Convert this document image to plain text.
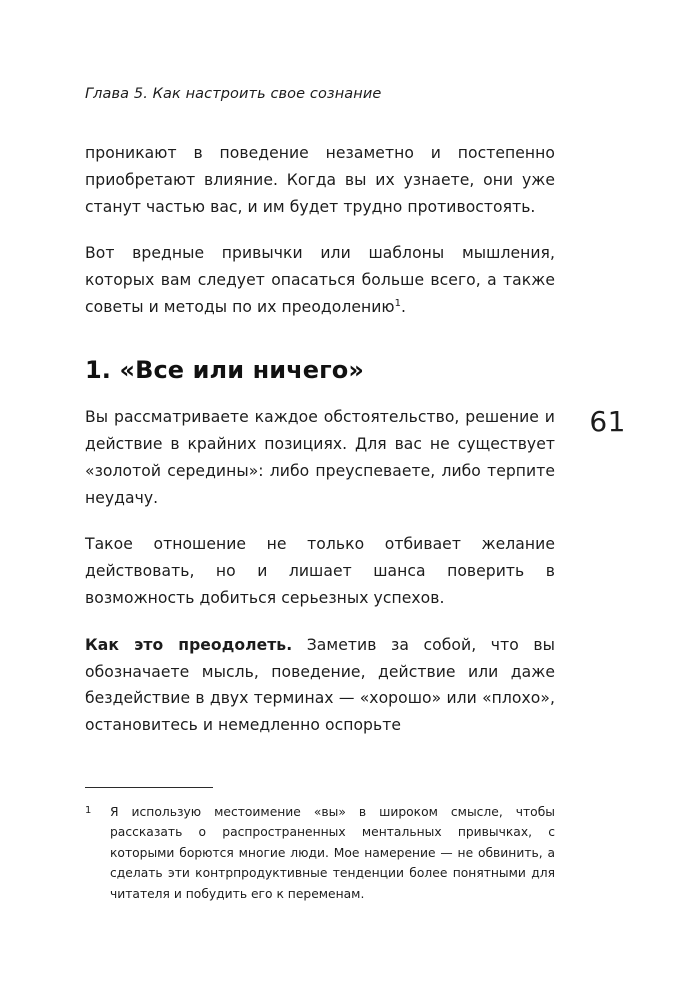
Глава 5. Как настроить свое сознание
61

проникают в поведение незаметно и постепенно приобретают влияние. Когда вы их узнаете, они уже станут частью вас, и им будет трудно противостоять.

Вот вредные привычки или шаблоны мышления, которых вам следует опасаться больше всего, а также советы и методы по их преодолению$^1$.

1. «Все или ничего»

Вы рассматриваете каждое обстоятельство, решение и действие в крайних позициях. Для вас не существует «золотой середины»: либо преуспеваете, либо терпите неудачу.

Такое отношение не только отбивает желание действовать, но и лишает шанса поверить в возможность добиться серьезных успехов.

Как это преодолеть. Заметив за собой, что вы обозначаете мысль, поведение, действие или даже бездействие в двух терминах — «хорошо» или «плохо», остановитесь и немедленно оспорьте

1	Я использую местоимение «вы» в широком смысле, чтобы рассказать о распространенных ментальных привычках, с которыми борются многие люди. Мое намерение — не обвинить, а сделать эти контрпродуктивные тенденции более понятными для читателя и побудить его к переменам.
